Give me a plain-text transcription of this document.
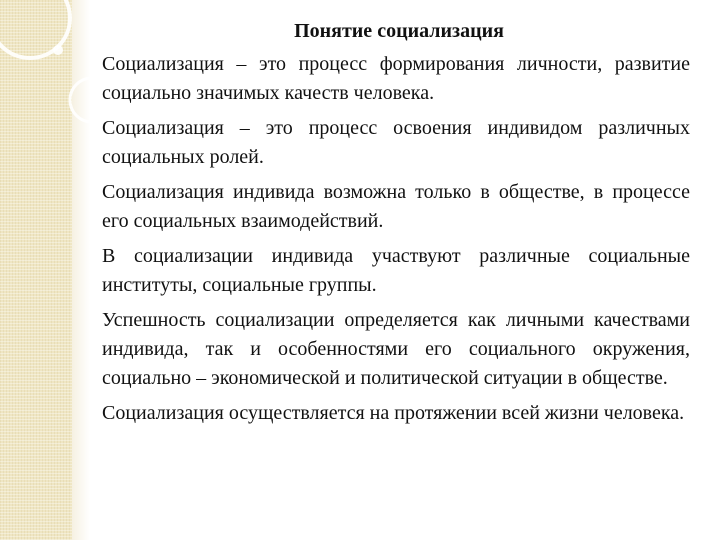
Понятие социализация

Социализация – это процесс формирования личности, развитие социально значимых качеств человека.

Социализация – это процесс освоения индивидом различных социальных ролей.

Социализация индивида возможна только в обществе, в процессе его социальных взаимодействий.

В социализации индивида участвуют различные социальные институты, социальные группы.

Успешность социализации определяется как личными качествами индивида, так и особенностями его социального окружения, социально – экономической и политической ситуации в обществе.

Социализация осуществляется на протяжении всей жизни человека.
